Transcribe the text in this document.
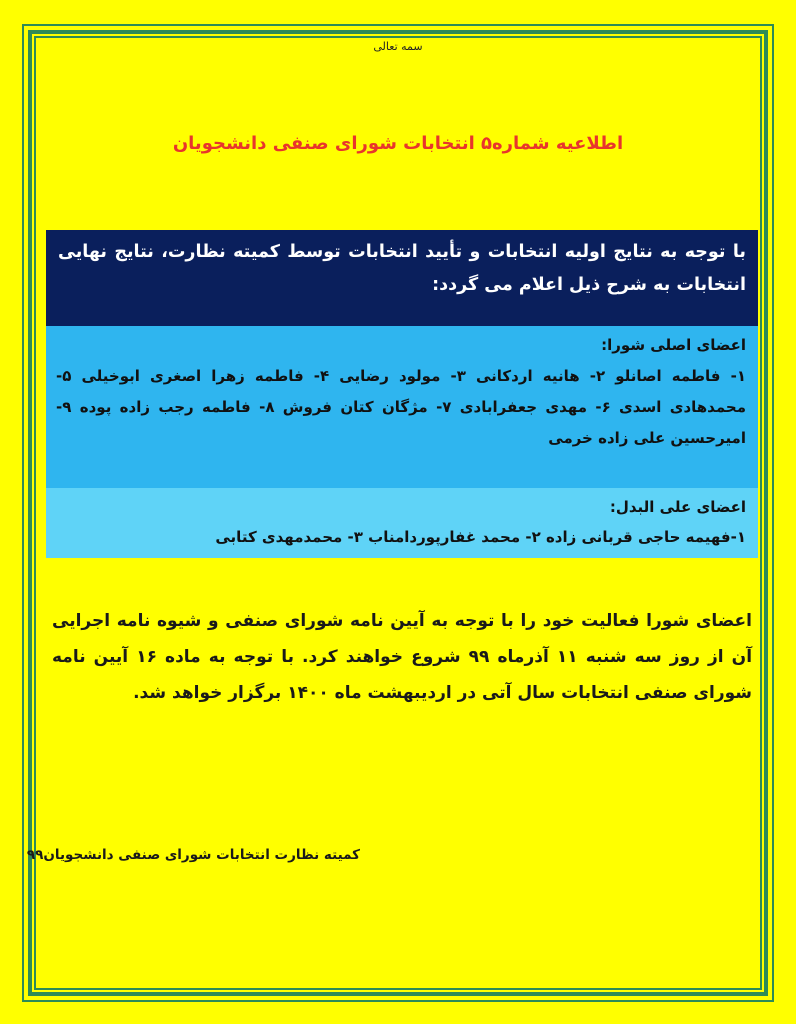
سمه تعالی
اطلاعیه شماره۵ انتخابات شورای صنفی دانشجویان
با توجه به نتایج اولیه انتخابات و تأیید انتخابات توسط کمیته نظارت، نتایج نهایی انتخابات به شرح ذیل اعلام می گردد:
اعضای اصلی شورا:
۱- فاطمه اصانلو ۲- هانیه اردکانی ۳- مولود رضایی ۴- فاطمه زهرا اصغری ابوخیلی ۵- محمدهادی اسدی ۶- مهدی جعفرابادی ۷- مژگان کتان فروش ۸- فاطمه رجب زاده پوده ۹- امیرحسین علی زاده خرمی
اعضای علی البدل:
۱-فهیمه حاجی قربانی زاده ۲- محمد غفارپوردامناب ۳- محمدمهدی کتابی
اعضای شورا فعالیت خود را با توجه به آیین نامه شورای صنفی و شیوه نامه اجرایی آن از روز سه شنبه ۱۱ آذرماه ۹۹ شروع خواهند کرد. با توجه به ماده ۱۶ آیین نامه شورای صنفی انتخابات سال آتی در اردیبهشت ماه ۱۴۰۰ برگزار خواهد شد.
کمیته نظارت انتخابات شورای صنفی دانشجویان۹۹
